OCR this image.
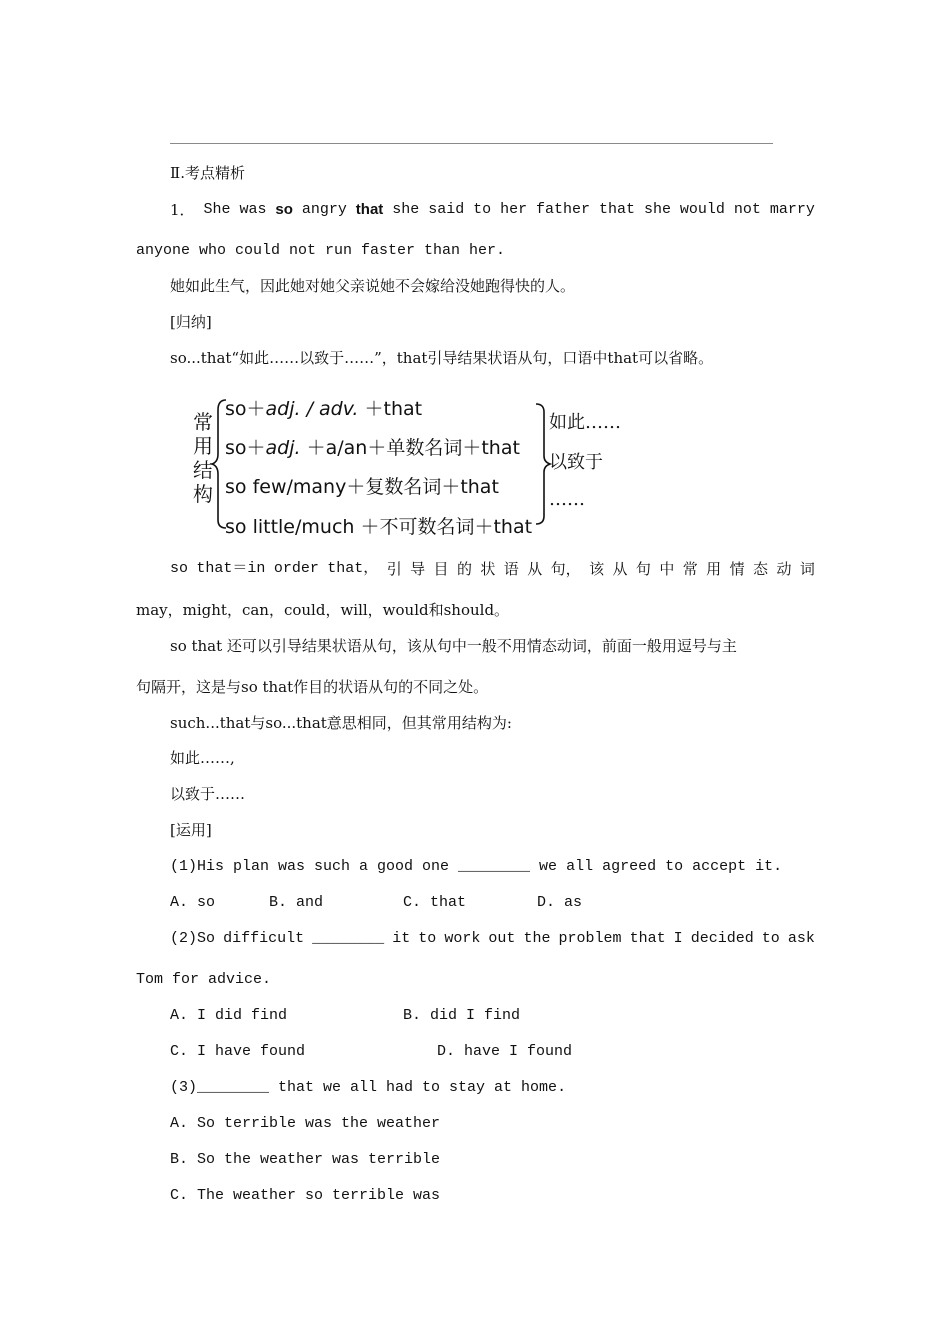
Ⅱ.考点精析
1． She was so angry that she said to her father that she would not marry
anyone who could not run faster than her.
她如此生气，因此她对她父亲说她不会嫁给没她跑得快的人。
[归纳]
so...that“如此……以致于……”，that引导结果状语从句，口语中that可以省略。
常
用
结
构
so＋adj. / adv. ＋that
so＋adj. ＋a/an＋单数名词＋that
so few/many＋复数名词＋that
so little/much ＋不可数名词＋that
如此……
以致于
……
so that＝in order that， 引 导 目 的 状 语 从 句， 该 从 句 中 常 用 情 态 动 词
may，might，can，could，will，would和should。
so that 还可以引导结果状语从句，该从句中一般不用情态动词，前面一般用逗号与主
句隔开，这是与so that作目的状语从句的不同之处。
such...that与so...that意思相同，但其常用结构为:
如此……,
以致于……
[运用]
(1)His plan was such a good one ________ we all agreed to accept it.
A. so	B. and	C. that	D. as
(2)So difficult ________ it to work out the problem that I decided to ask
Tom for advice.
A. I did find	B. did I find
C. I have found	D. have I found
(3)________ that we all had to stay at home.
A. So terrible was the weather
B. So the weather was terrible
C. The weather so terrible was
